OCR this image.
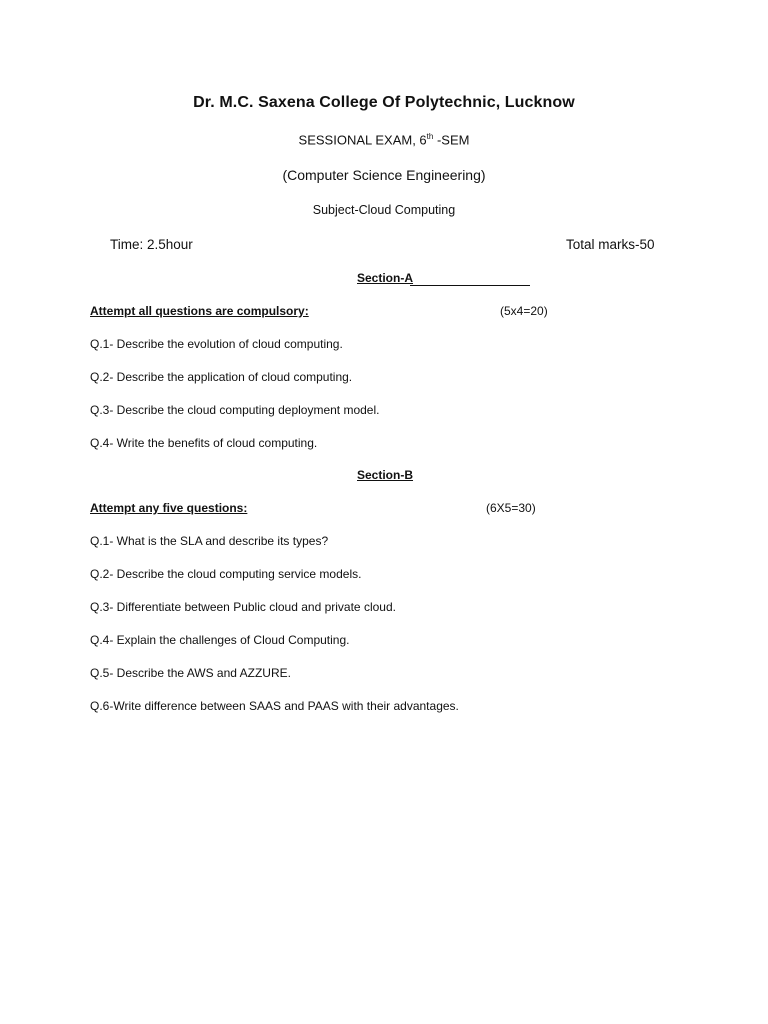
Dr. M.C. Saxena College Of Polytechnic, Lucknow
SESSIONAL EXAM, 6th -SEM
(Computer Science Engineering)
Subject-Cloud Computing
Time: 2.5hour	Total marks-50
Section-A
Attempt all questions are compulsory:	(5x4=20)
Q.1- Describe the evolution of cloud computing.
Q.2- Describe the application of cloud computing.
Q.3- Describe the cloud computing deployment model.
Q.4- Write the benefits of cloud computing.
Section-B
Attempt any five questions:	(6X5=30)
Q.1- What is the SLA and describe its types?
Q.2- Describe the cloud computing service models.
Q.3- Differentiate between Public cloud and private cloud.
Q.4- Explain the challenges of Cloud Computing.
Q.5- Describe the AWS and AZZURE.
Q.6-Write difference between SAAS and PAAS with their advantages.
